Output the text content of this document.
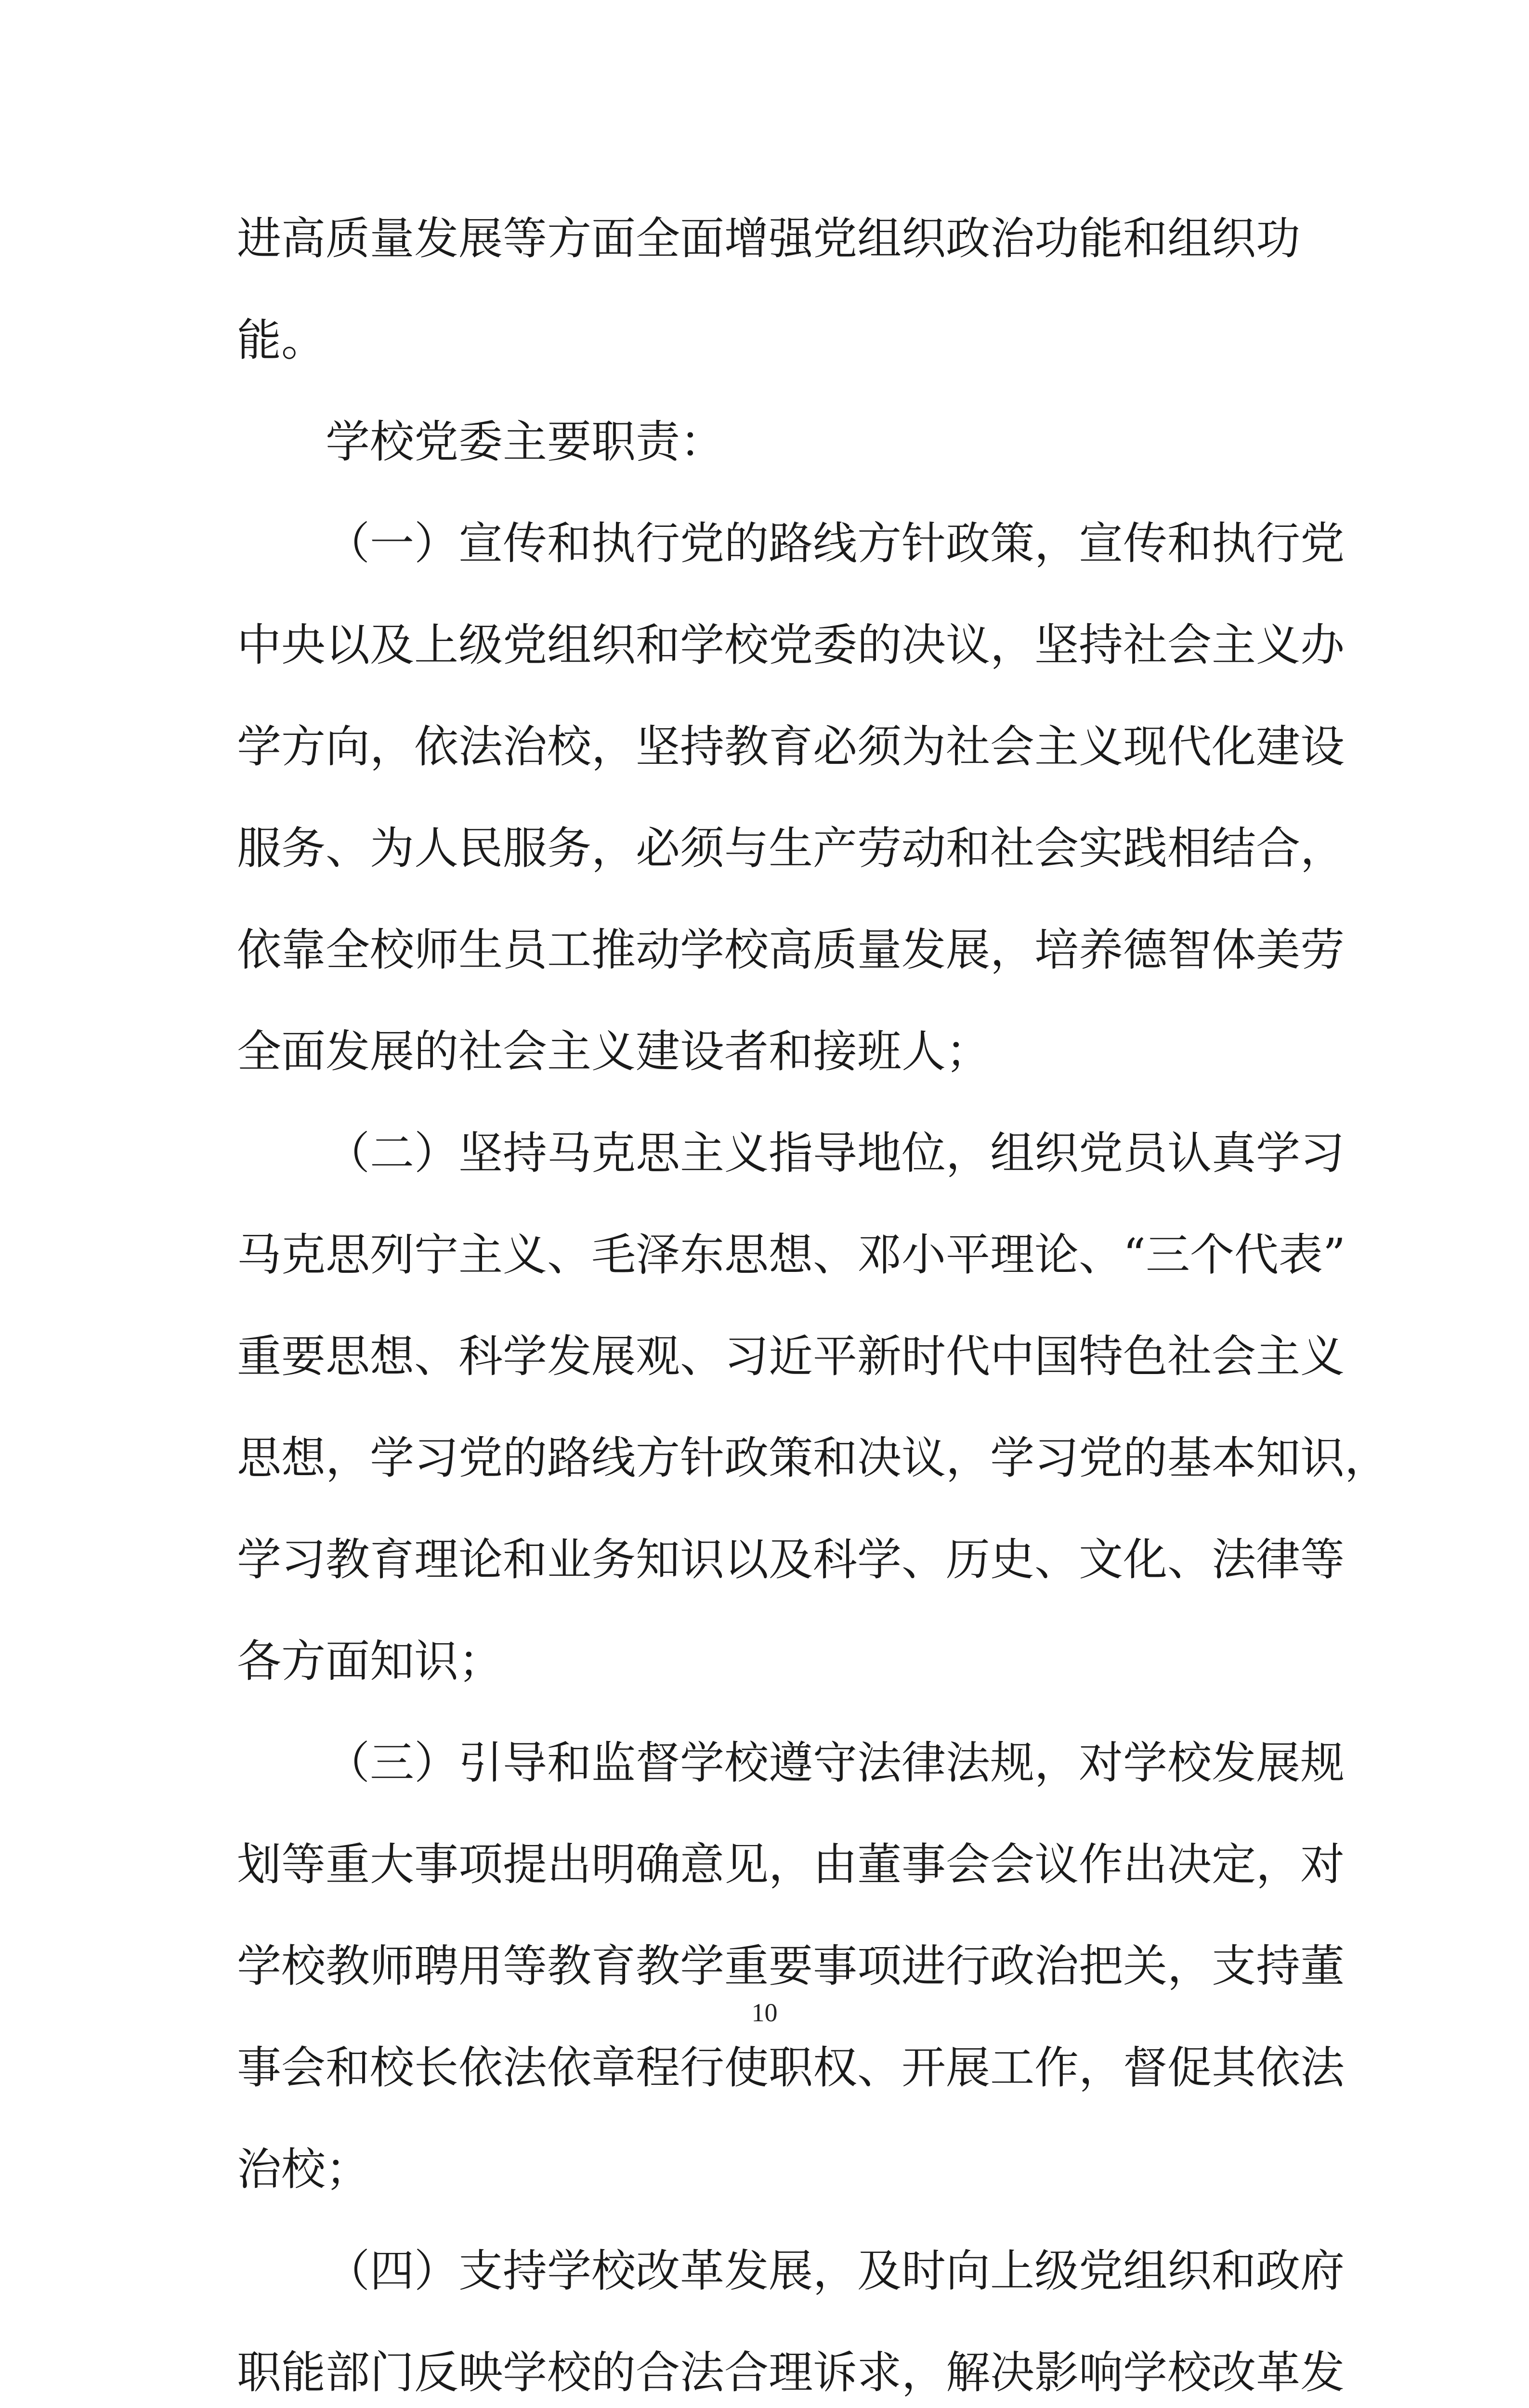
进高质量发展等方面全面增强党组织政治功能和组织功
能。
学校党委主要职责：
（一）宣传和执行党的路线方针政策，宣传和执行党
中央以及上级党组织和学校党委的决议，坚持社会主义办
学方向，依法治校，坚持教育必须为社会主义现代化建设
服务、为人民服务，必须与生产劳动和社会实践相结合，
依靠全校师生员工推动学校高质量发展，培养德智体美劳
全面发展的社会主义建设者和接班人；
（二）坚持马克思主义指导地位，组织党员认真学习
马克思列宁主义、毛泽东思想、邓小平理论、“三个代表”
重要思想、科学发展观、习近平新时代中国特色社会主义
思想，学习党的路线方针政策和决议，学习党的基本知识，
学习教育理论和业务知识以及科学、历史、文化、法律等
各方面知识；
（三）引导和监督学校遵守法律法规，对学校发展规
划等重大事项提出明确意见，由董事会会议作出决定，对
学校教师聘用等教育教学重要事项进行政治把关，支持董
事会和校长依法依章程行使职权、开展工作，督促其依法
治校；
（四）支持学校改革发展，及时向上级党组织和政府
职能部门反映学校的合法合理诉求，解决影响学校改革发
10
